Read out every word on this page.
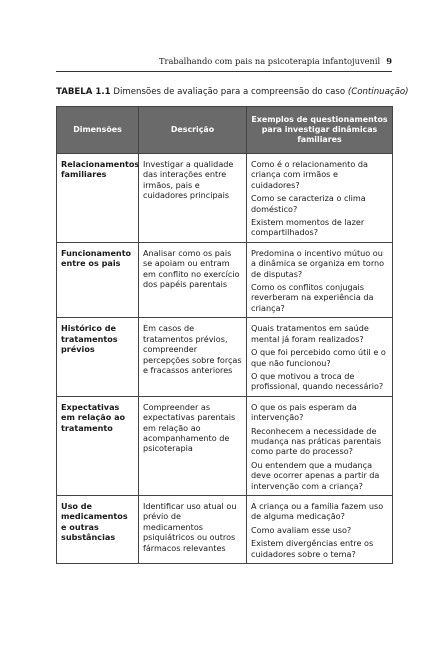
Trabalhando com pais na psicoterapia infantojuvenil 9
TABELA 1.1 Dimensões de avaliação para a compreensão do caso (Continuação)
Dimensões	Descrição	Exemplos de questionamentos para investigar dinâmicas familiares
Relacionamentos familiares	Investigar a qualidade das interações entre irmãos, pais e cuidadores principais	Como é o relacionamento da criança com irmãos e cuidadores?

Como se caracteriza o clima doméstico?

Existem momentos de lazer compartilhados?

Funcionamento entre os pais	Analisar como os pais se apoiam ou entram em conflito no exercício dos papéis parentais	Predomina o incentivo mútuo ou a dinâmica se organiza em torno de disputas?

Como os conflitos conjugais reverberam na experiência da criança?

Histórico de tratamentos prévios	Em casos de tratamentos prévios, compreender percepções sobre forças e fracassos anteriores	Quais tratamentos em saúde mental já foram realizados?

O que foi percebido como útil e o que não funcionou?

O que motivou a troca de profissional, quando necessário?

Expectativas em relação ao tratamento	Compreender as expectativas parentais em relação ao acompanhamento de psicoterapia	O que os pais esperam da intervenção?

Reconhecem a necessidade de mudança nas práticas parentais como parte do processo?

Ou entendem que a mudança deve ocorrer apenas a partir da intervenção com a criança?

Uso de medicamentos e outras substâncias	Identificar uso atual ou prévio de medicamentos psiquiátricos ou outros fármacos relevantes	A criança ou a família fazem uso de alguma medicação?

Como avaliam esse uso?

Existem divergências entre os cuidadores sobre o tema?
